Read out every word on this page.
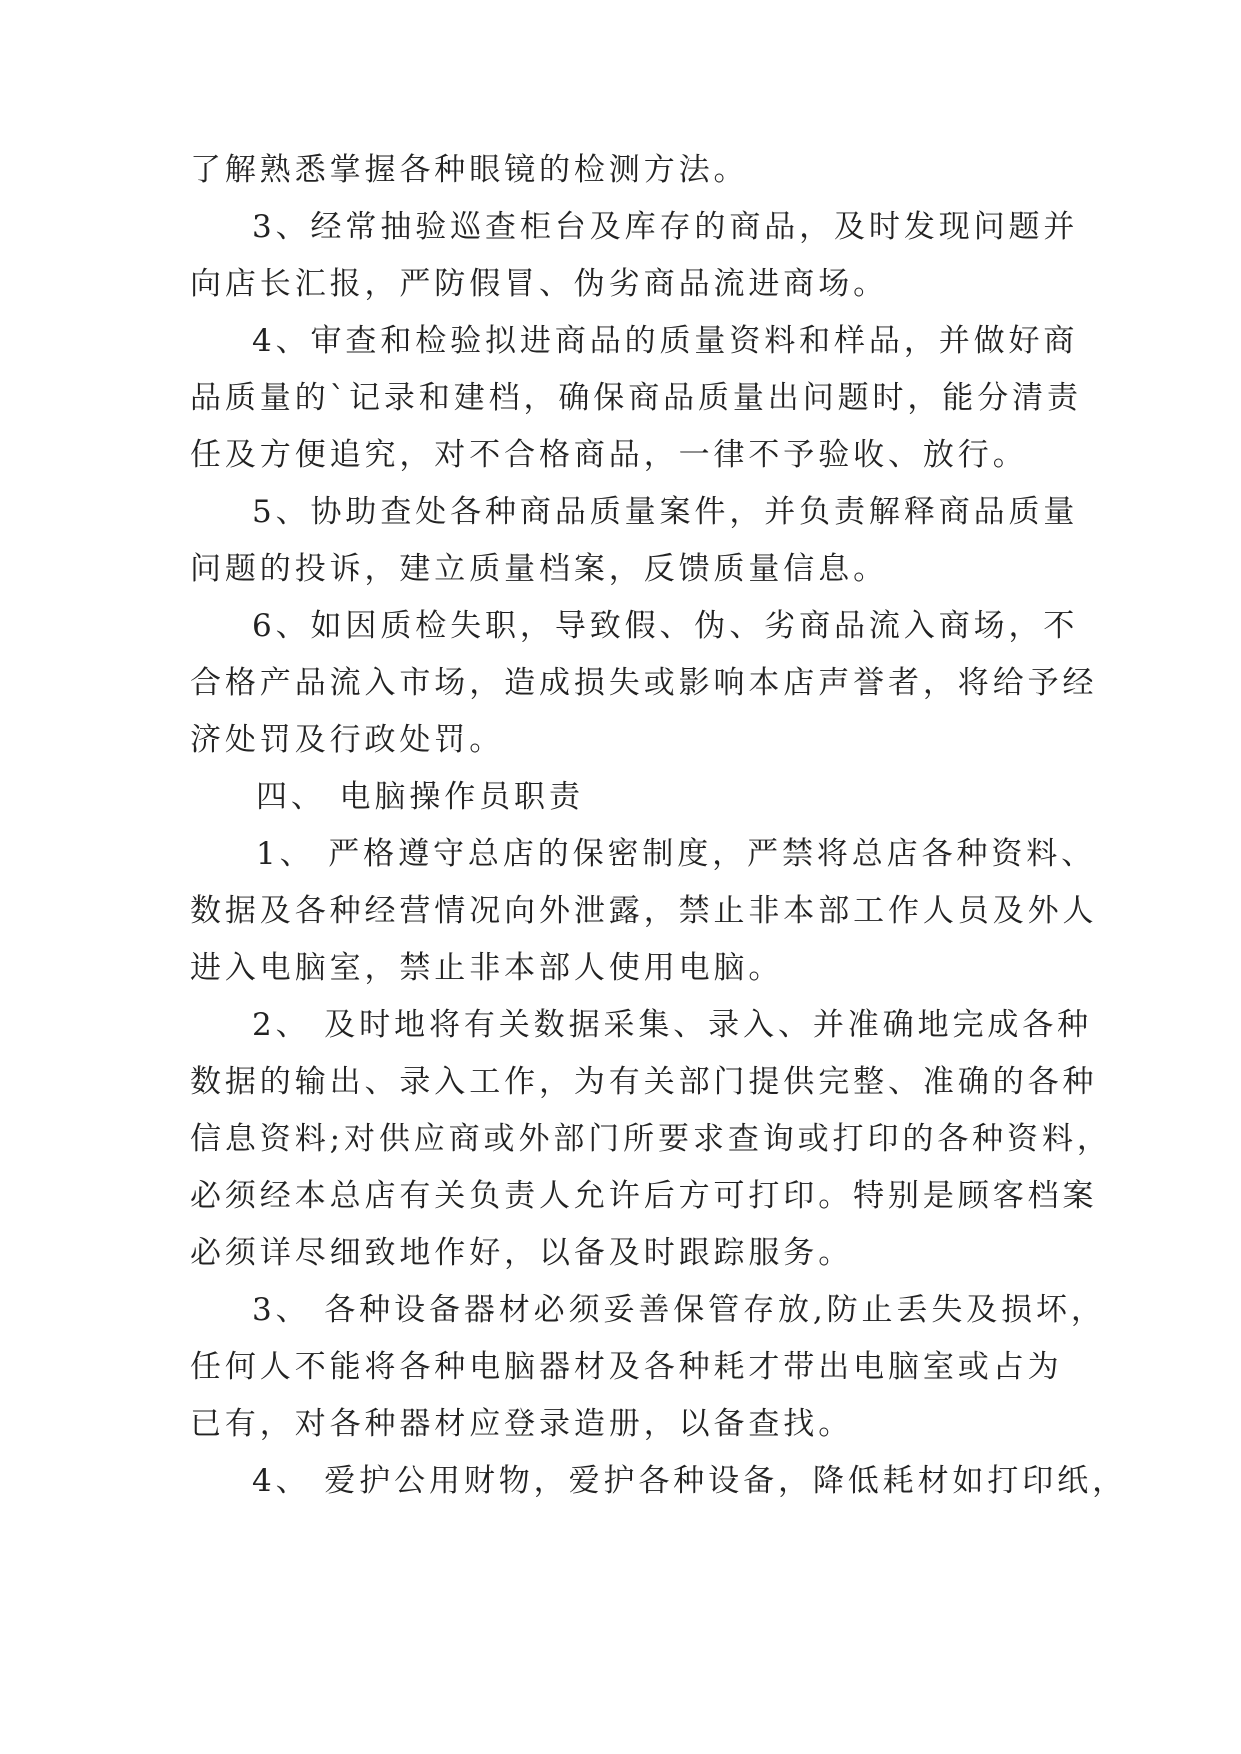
了解熟悉掌握各种眼镜的检测方法。
3、经常抽验巡查柜台及库存的商品，及时发现问题并
向店长汇报，严防假冒、伪劣商品流进商场。
4、审查和检验拟进商品的质量资料和样品，并做好商
品质量的`记录和建档，确保商品质量出问题时，能分清责
任及方便追究，对不合格商品，一律不予验收、放行。
5、协助查处各种商品质量案件，并负责解释商品质量
问题的投诉，建立质量档案，反馈质量信息。
6、如因质检失职，导致假、伪、劣商品流入商场，不
合格产品流入市场，造成损失或影响本店声誉者，将给予经
济处罚及行政处罚。
四、 电脑操作员职责
1、 严格遵守总店的保密制度，严禁将总店各种资料、
数据及各种经营情况向外泄露，禁止非本部工作人员及外人
进入电脑室，禁止非本部人使用电脑。
2、 及时地将有关数据采集、录入、并准确地完成各种
数据的输出、录入工作，为有关部门提供完整、准确的各种
信息资料;对供应商或外部门所要求查询或打印的各种资料，
必须经本总店有关负责人允许后方可打印。特别是顾客档案
必须详尽细致地作好，以备及时跟踪服务。
3、 各种设备器材必须妥善保管存放,防止丢失及损坏，
任何人不能将各种电脑器材及各种耗才带出电脑室或占为
已有，对各种器材应登录造册，以备查找。
4、 爱护公用财物，爱护各种设备，降低耗材如打印纸，
